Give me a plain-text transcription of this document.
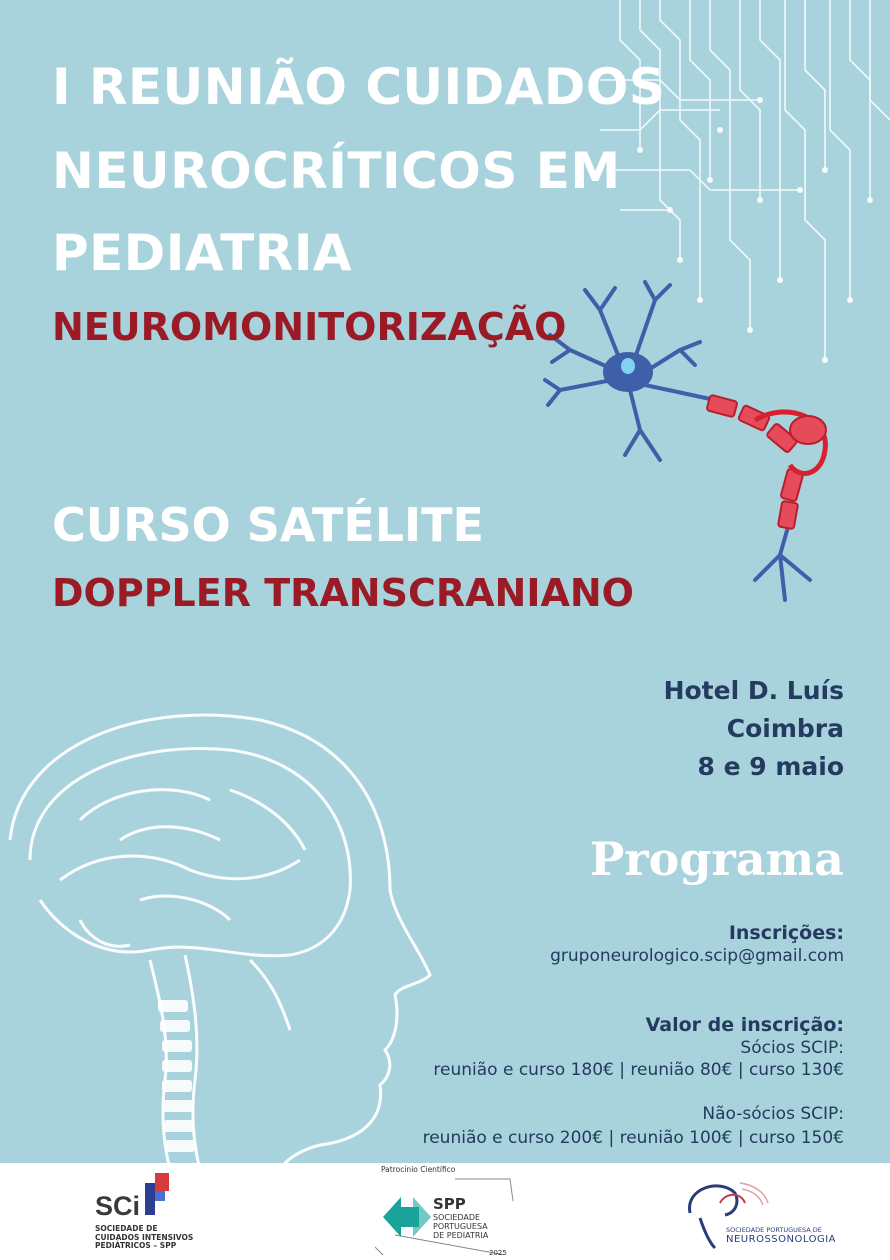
I REUNIÃO CUIDADOS
NEUROCRÍTICOS EM
PEDIATRIA
NEUROMONITORIZAÇÃO
CURSO SATÉLITE
DOPPLER TRANSCRANIANO
Hotel D. Luís
Coimbra
8 e 9 maio
Programa
Inscrições:
gruponeurologico.scip@gmail.com
Valor de inscrição:
Sócios SCIP:
reunião e curso 180€ | reunião 80€ | curso 130€
Não-sócios SCIP:
reunião e curso 200€ | reunião 100€ | curso 150€
SCi
SOCIEDADE DE
CUIDADOS INTENSIVOS
PEDIÁTRICOS – SPP
Patrocínio Científico
SPP
SOCIEDADE
PORTUGUESA
DE PEDIATRIA
2025
SOCIEDADE PORTUGUESA DE
NEUROSSONOLOGIA
